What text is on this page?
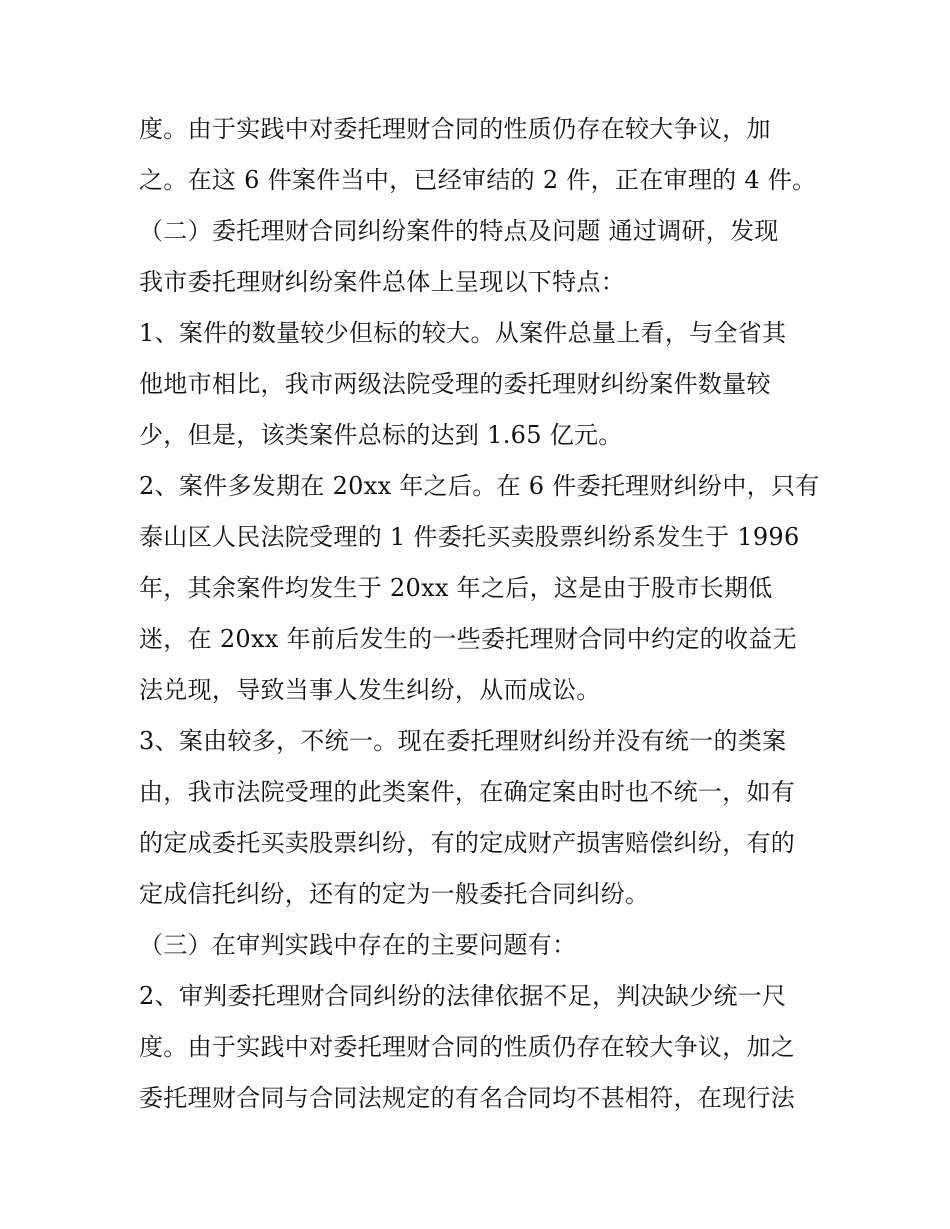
度。由于实践中对委托理财合同的性质仍存在较大争议，加
之。在这 6 件案件当中，已经审结的 2 件，正在审理的 4 件。
（二）委托理财合同纠纷案件的特点及问题 通过调研，发现
我市委托理财纠纷案件总体上呈现以下特点：
1、案件的数量较少但标的较大。从案件总量上看，与全省其
他地市相比，我市两级法院受理的委托理财纠纷案件数量较
少，但是，该类案件总标的达到 1.65 亿元。
2、案件多发期在 20xx 年之后。在 6 件委托理财纠纷中，只有
泰山区人民法院受理的 1 件委托买卖股票纠纷系发生于 1996
年，其余案件均发生于 20xx 年之后，这是由于股市长期低
迷，在 20xx 年前后发生的一些委托理财合同中约定的收益无
法兑现，导致当事人发生纠纷，从而成讼。
3、案由较多，不统一。现在委托理财纠纷并没有统一的类案
由，我市法院受理的此类案件，在确定案由时也不统一，如有
的定成委托买卖股票纠纷，有的定成财产损害赔偿纠纷，有的
定成信托纠纷，还有的定为一般委托合同纠纷。
（三）在审判实践中存在的主要问题有：
2、审判委托理财合同纠纷的法律依据不足，判决缺少统一尺
度。由于实践中对委托理财合同的性质仍存在较大争议，加之
委托理财合同与合同法规定的有名合同均不甚相符，在现行法
